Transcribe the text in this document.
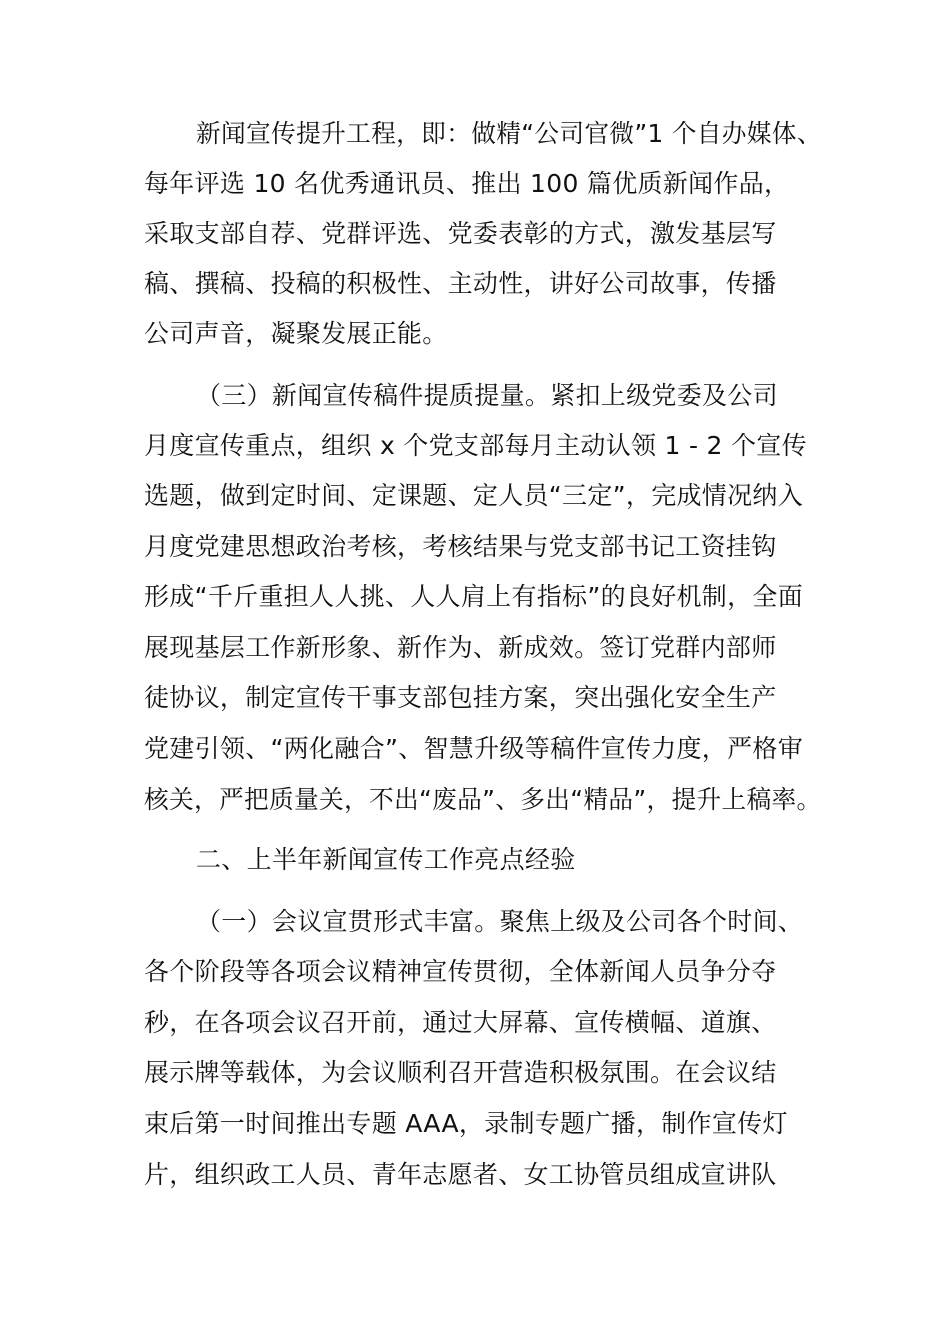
新闻宣传提升工程，即：做精“公司官微”1 个自办媒体、
每年评选 10 名优秀通讯员、推出 100 篇优质新闻作品，
采取支部自荐、党群评选、党委表彰的方式，激发基层写
稿、撰稿、投稿的积极性、主动性，讲好公司故事，传播
公司声音，凝聚发展正能。
（三）新闻宣传稿件提质提量。紧扣上级党委及公司
月度宣传重点，组织 x 个党支部每月主动认领 1 - 2 个宣传
选题，做到定时间、定课题、定人员“三定”，完成情况纳入
月度党建思想政治考核，考核结果与党支部书记工资挂钩
形成“千斤重担人人挑、人人肩上有指标”的良好机制，全面
展现基层工作新形象、新作为、新成效。签订党群内部师
徒协议，制定宣传干事支部包挂方案，突出强化安全生产
党建引领、“两化融合”、智慧升级等稿件宣传力度，严格审
核关，严把质量关，不出“废品”、多出“精品”，提升上稿率。
二、上半年新闻宣传工作亮点经验
（一）会议宣贯形式丰富。聚焦上级及公司各个时间、
各个阶段等各项会议精神宣传贯彻，全体新闻人员争分夺
秒，在各项会议召开前，通过大屏幕、宣传横幅、道旗、
展示牌等载体，为会议顺利召开营造积极氛围。在会议结
束后第一时间推出专题 AAA，录制专题广播，制作宣传灯
片，组织政工人员、青年志愿者、女工协管员组成宣讲队
